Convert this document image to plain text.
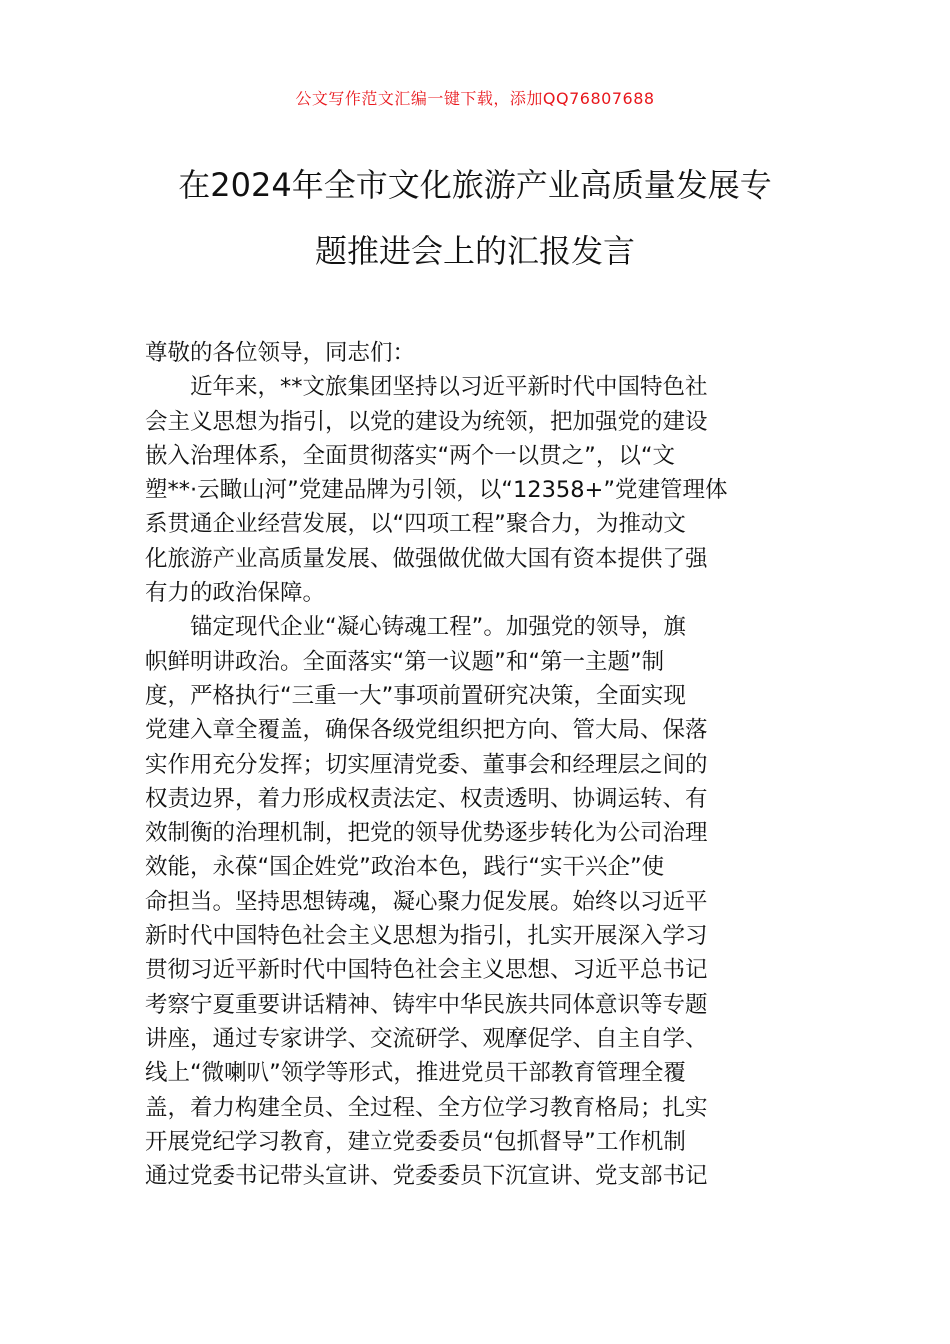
公文写作范文汇编一键下载，添加QQ76807688
在2024年全市文化旅游产业高质量发展专
题推进会上的汇报发言

尊敬的各位领导，同志们：

近年来，**文旅集团坚持以习近平新时代中国特色社
会主义思想为指引，以党的建设为统领，把加强党的建设
嵌入治理体系，全面贯彻落实“两个一以贯之”，以“文
塑**·云瞰山河”党建品牌为引领，以“12358+”党建管理体
系贯通企业经营发展，以“四项工程”聚合力，为推动文
化旅游产业高质量发展、做强做优做大国有资本提供了强
有力的政治保障。

锚定现代企业“凝心铸魂工程”。加强党的领导，旗
帜鲜明讲政治。全面落实“第一议题”和“第一主题”制
度，严格执行“三重一大”事项前置研究决策，全面实现
党建入章全覆盖，确保各级党组织把方向、管大局、保落
实作用充分发挥；切实厘清党委、董事会和经理层之间的
权责边界，着力形成权责法定、权责透明、协调运转、有
效制衡的治理机制，把党的领导优势逐步转化为公司治理
效能，永葆“国企姓党”政治本色，践行“实干兴企”使
命担当。坚持思想铸魂，凝心聚力促发展。始终以习近平
新时代中国特色社会主义思想为指引，扎实开展深入学习
贯彻习近平新时代中国特色社会主义思想、习近平总书记
考察宁夏重要讲话精神、铸牢中华民族共同体意识等专题
讲座，通过专家讲学、交流研学、观摩促学、自主自学、
线上“微喇叭”领学等形式，推进党员干部教育管理全覆
盖，着力构建全员、全过程、全方位学习教育格局；扎实
开展党纪学习教育，建立党委委员“包抓督导”工作机制
通过党委书记带头宣讲、党委委员下沉宣讲、党支部书记
